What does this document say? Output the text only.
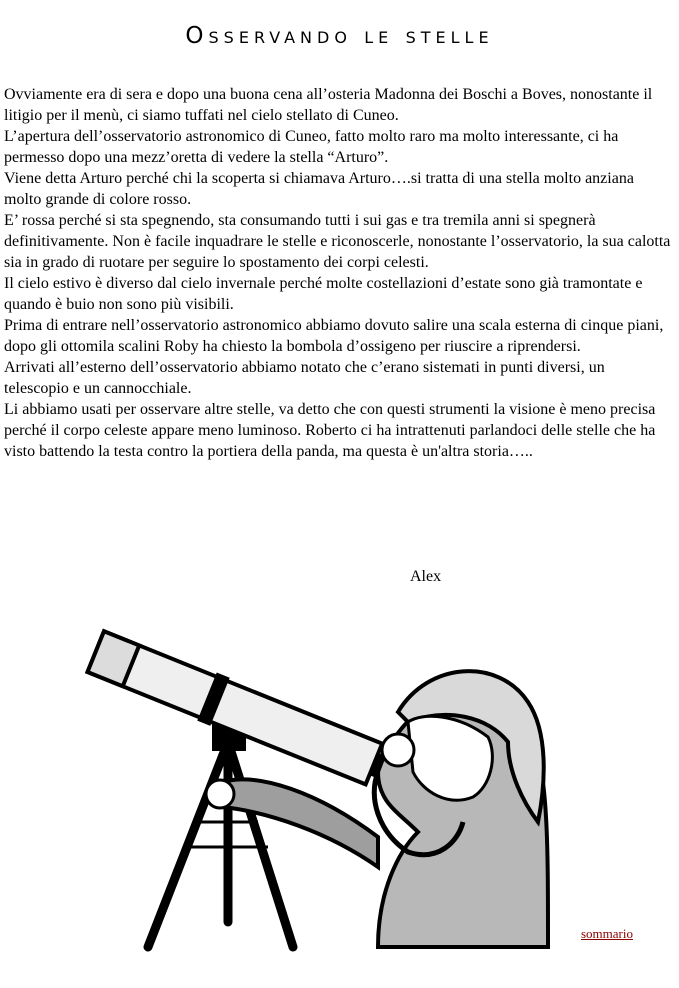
Osservando le stelle

Ovviamente era di sera e dopo una buona cena all’osteria Madonna dei Boschi a Boves, nonostante il litigio per il menù, ci siamo tuffati nel cielo stellato di Cuneo.

L’apertura dell’osservatorio astronomico di Cuneo, fatto molto raro ma molto interessante, ci ha permesso dopo una mezz’oretta di vedere la stella “Arturo”.

Viene detta Arturo perché chi la scoperta si chiamava Arturo….si tratta di una stella molto anziana molto grande di colore rosso.

E’ rossa perché si sta spegnendo, sta consumando tutti i sui gas e tra tremila anni si spegnerà definitivamente. Non è facile inquadrare le stelle e riconoscerle, nonostante l’osservatorio, la sua calotta sia in grado di ruotare per seguire lo spostamento dei corpi celesti.

Il cielo estivo è diverso dal cielo invernale perché molte costellazioni d’estate sono già tramontate e quando è buio non sono più visibili.

Prima di entrare nell’osservatorio astronomico abbiamo dovuto salire una scala esterna di cinque piani, dopo gli ottomila scalini Roby ha chiesto la bombola d’ossigeno per riuscire a riprendersi.

Arrivati all’esterno dell’osservatorio abbiamo notato che c’erano sistemati in punti diversi, un telescopio e un cannocchiale.

Li abbiamo usati per osservare altre stelle, va detto che con questi strumenti la visione è meno precisa perché il corpo celeste appare meno luminoso. Roberto ci ha intrattenuti parlandoci delle stelle che ha visto battendo la testa contro la portiera della panda, ma questa è un'altra storia…..

Alex
sommario
